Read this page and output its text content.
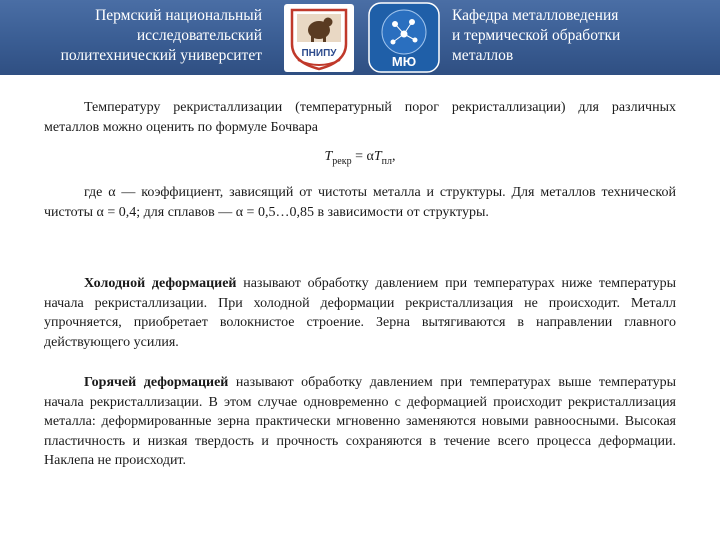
Пермский национальный
исследовательский
политехнический университет	ПНИПУ
МЮ
Кафедра металловедения
и термической обработки
металлов

Температуру рекристаллизации (температурный порог рекристаллизации) для различных металлов можно оценить по формуле Бочвара

$T_{рекр} = \alpha T_{пл}$,

где α — коэффициент, зависящий от чистоты металла и структуры. Для металлов технической чистоты α = 0,4; для сплавов — α = 0,5…0,85 в зависимости от структуры.

Холодной деформацией называют обработку давлением при температурах ниже температуры начала рекристаллизации. При холодной деформации рекристаллизация не происходит. Металл упрочняется, приобретает волокнистое строение. Зерна вытягиваются в направлении главного действующего усилия.

Горячей деформацией называют обработку давлением при температурах выше температуры начала рекристаллизации. В этом случае одновременно с деформацией происходит рекристаллизация металла: деформированные зерна практически мгновенно заменяются новыми равноосными. Высокая пластичность и низкая твердость и прочность сохраняются в течение всего процесса деформации. Наклепа не происходит.
